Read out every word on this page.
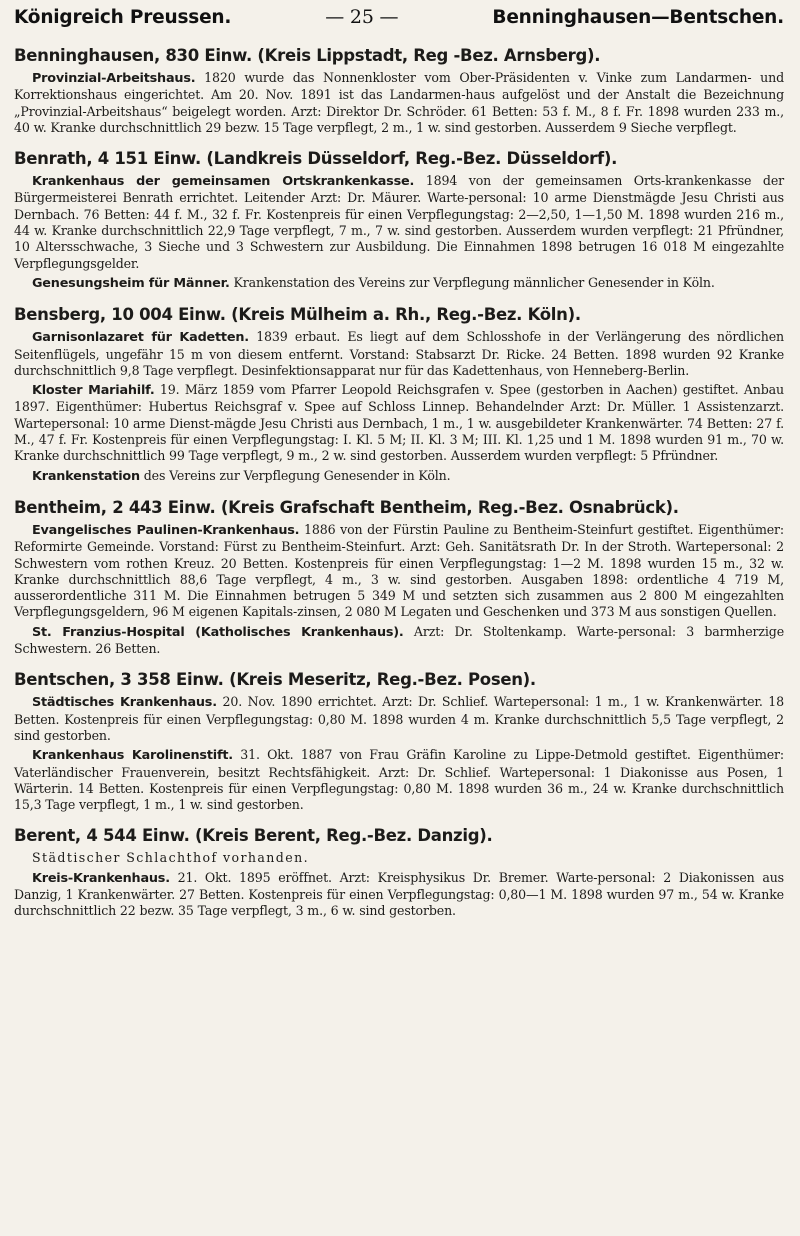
Königreich Preussen.	— 25 —	Benninghausen—Bentschen.
Benninghausen, 830 Einw. (Kreis Lippstadt, Reg -Bez. Arnsberg).

Provinzial-Arbeitshaus. 1820 wurde das Nonnenkloster vom Ober-Präsidenten v. Vinke zum Landarmen- und Korrektionshaus eingerichtet. Am 20. Nov. 1891 ist das Landarmen-haus aufgelöst und der Anstalt die Bezeichnung „Provinzial-Arbeitshaus“ beigelegt worden. Arzt: Direktor Dr. Schröder. 61 Betten: 53 f. M., 8 f. Fr. 1898 wurden 233 m., 40 w. Kranke durchschnittlich 29 bezw. 15 Tage verpflegt, 2 m., 1 w. sind gestorben. Ausserdem 9 Sieche verpflegt.

Benrath, 4 151 Einw. (Landkreis Düsseldorf, Reg.-Bez. Düsseldorf).

Krankenhaus der gemeinsamen Ortskrankenkasse. 1894 von der gemeinsamen Orts-krankenkasse der Bürgermeisterei Benrath errichtet. Leitender Arzt: Dr. Mäurer. Warte-personal: 10 arme Dienstmägde Jesu Christi aus Dernbach. 76 Betten: 44 f. M., 32 f. Fr. Kostenpreis für einen Verpflegungstag: 2—2,50, 1—1,50 M. 1898 wurden 216 m., 44 w. Kranke durchschnittlich 22,9 Tage verpflegt, 7 m., 7 w. sind gestorben. Ausserdem wurden verpflegt: 21 Pfründner, 10 Altersschwache, 3 Sieche und 3 Schwestern zur Ausbildung. Die Einnahmen 1898 betrugen 16 018 M eingezahlte Verpflegungsgelder.

Genesungsheim für Männer. Krankenstation des Vereins zur Verpflegung männlicher Genesender in Köln.

Bensberg, 10 004 Einw. (Kreis Mülheim a. Rh., Reg.-Bez. Köln).

Garnisonlazaret für Kadetten. 1839 erbaut. Es liegt auf dem Schlosshofe in der Verlängerung des nördlichen Seitenflügels, ungefähr 15 m von diesem entfernt. Vorstand: Stabsarzt Dr. Ricke. 24 Betten. 1898 wurden 92 Kranke durchschnittlich 9,8 Tage verpflegt. Desinfektionsapparat nur für das Kadettenhaus, von Henneberg-Berlin.

Kloster Mariahilf. 19. März 1859 vom Pfarrer Leopold Reichsgrafen v. Spee (gestorben in Aachen) gestiftet. Anbau 1897. Eigenthümer: Hubertus Reichsgraf v. Spee auf Schloss Linnep. Behandelnder Arzt: Dr. Müller. 1 Assistenzarzt. Wartepersonal: 10 arme Dienst-mägde Jesu Christi aus Dernbach, 1 m., 1 w. ausgebildeter Krankenwärter. 74 Betten: 27 f. M., 47 f. Fr. Kostenpreis für einen Verpflegungstag: I. Kl. 5 M; II. Kl. 3 M; III. Kl. 1,25 und 1 M. 1898 wurden 91 m., 70 w. Kranke durchschnittlich 99 Tage verpflegt, 9 m., 2 w. sind gestorben. Ausserdem wurden verpflegt: 5 Pfründner.

Krankenstation des Vereins zur Verpflegung Genesender in Köln.

Bentheim, 2 443 Einw. (Kreis Grafschaft Bentheim, Reg.-Bez. Osnabrück).

Evangelisches Paulinen-Krankenhaus. 1886 von der Fürstin Pauline zu Bentheim-Steinfurt gestiftet. Eigenthümer: Reformirte Gemeinde. Vorstand: Fürst zu Bentheim-Steinfurt. Arzt: Geh. Sanitätsrath Dr. In der Stroth. Wartepersonal: 2 Schwestern vom rothen Kreuz. 20 Betten. Kostenpreis für einen Verpflegungstag: 1—2 M. 1898 wurden 15 m., 32 w. Kranke durchschnittlich 88,6 Tage verpflegt, 4 m., 3 w. sind gestorben. Ausgaben 1898: ordentliche 4 719 M, ausserordentliche 311 M. Die Einnahmen betrugen 5 349 M und setzten sich zusammen aus 2 800 M eingezahlten Verpflegungsgeldern, 96 M eigenen Kapitals-zinsen, 2 080 M Legaten und Geschenken und 373 M aus sonstigen Quellen.

St. Franzius-Hospital (Katholisches Krankenhaus). Arzt: Dr. Stoltenkamp. Warte-personal: 3 barmherzige Schwestern. 26 Betten.

Bentschen, 3 358 Einw. (Kreis Meseritz, Reg.-Bez. Posen).

Städtisches Krankenhaus. 20. Nov. 1890 errichtet. Arzt: Dr. Schlief. Wartepersonal: 1 m., 1 w. Krankenwärter. 18 Betten. Kostenpreis für einen Verpflegungstag: 0,80 M. 1898 wurden 4 m. Kranke durchschnittlich 5,5 Tage verpflegt, 2 sind gestorben.

Krankenhaus Karolinenstift. 31. Okt. 1887 von Frau Gräfin Karoline zu Lippe-Detmold gestiftet. Eigenthümer: Vaterländischer Frauenverein, besitzt Rechtsfähigkeit. Arzt: Dr. Schlief. Wartepersonal: 1 Diakonisse aus Posen, 1 Wärterin. 14 Betten. Kostenpreis für einen Verpflegungstag: 0,80 M. 1898 wurden 36 m., 24 w. Kranke durchschnittlich 15,3 Tage verpflegt, 1 m., 1 w. sind gestorben.

Berent, 4 544 Einw. (Kreis Berent, Reg.-Bez. Danzig).

Städtischer Schlachthof vorhanden.

Kreis-Krankenhaus. 21. Okt. 1895 eröffnet. Arzt: Kreisphysikus Dr. Bremer. Warte-personal: 2 Diakonissen aus Danzig, 1 Krankenwärter. 27 Betten. Kostenpreis für einen Verpflegungstag: 0,80—1 M. 1898 wurden 97 m., 54 w. Kranke durchschnittlich 22 bezw. 35 Tage verpflegt, 3 m., 6 w. sind gestorben.
